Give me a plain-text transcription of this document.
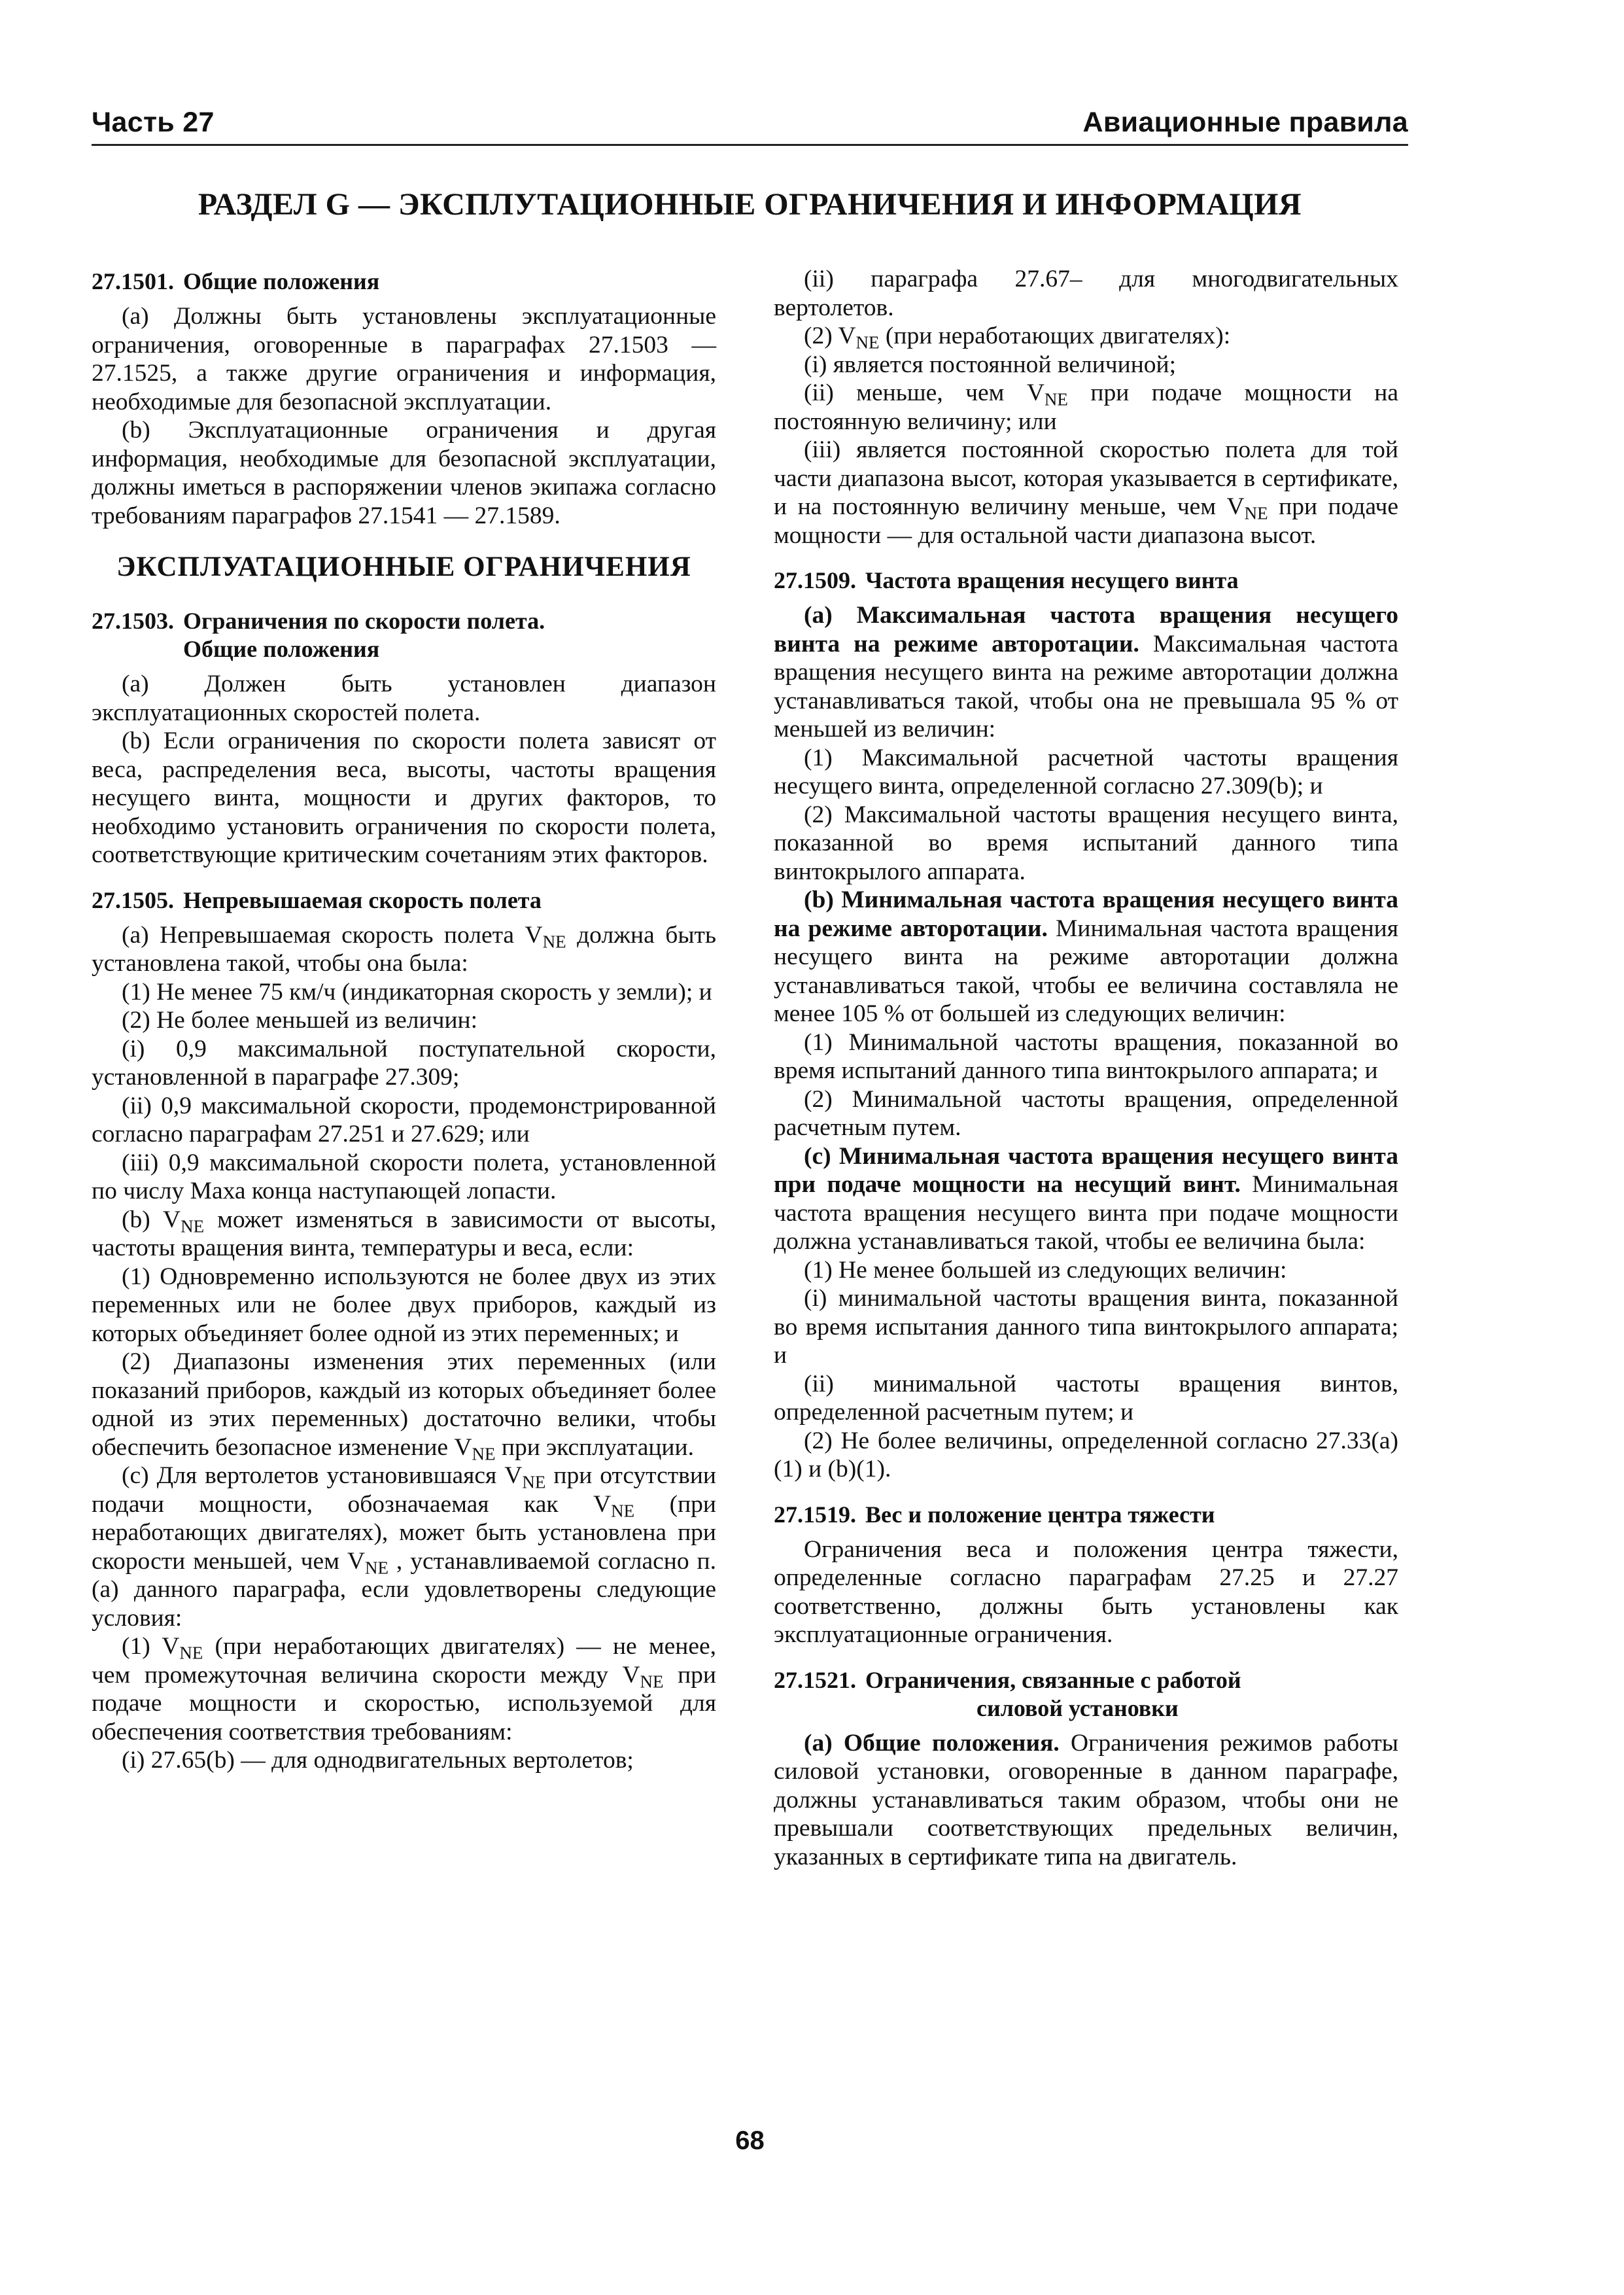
Часть 27	Авиационные правила
РАЗДЕЛ G — ЭКСПЛУТАЦИОННЫЕ ОГРАНИЧЕНИЯ И ИНФОРМАЦИЯ
27.1501. Общие положения

(a) Должны быть установлены эксплуатационные ограничения, оговоренные в параграфах 27.1503 — 27.1525, а также другие ограничения и информация, необходимые для безопасной эксплуатации.

(b) Эксплуатационные ограничения и другая информация, необходимые для безопасной эксплуатации, должны иметься в распоряжении членов экипажа согласно требованиям параграфов 27.1541 — 27.1589.

ЭКСПЛУАТАЦИОННЫЕ ОГРАНИЧЕНИЯ
27.1503. Ограничения по скорости полета.
Общие положения

(a) Должен быть установлен диапазон эксплуатационных скоростей полета.

(b) Если ограничения по скорости полета зависят от веса, распределения веса, высоты, частоты вращения несущего винта, мощности и других факторов, то необходимо установить ограничения по скорости полета, соответствующие критическим сочетаниям этих факторов.

27.1505. Непревышаемая скорость полета

(a) Непревышаемая скорость полета $V_{NE}$ должна быть установлена такой, чтобы она была:

(1) Не менее 75 км/ч (индикаторная скорость у земли); и

(2) Не более меньшей из величин:

(i) 0,9 максимальной поступательной скорости, установленной в параграфе 27.309;

(ii) 0,9 максимальной скорости, продемонстрированной согласно параграфам 27.251 и 27.629; или

(iii) 0,9 максимальной скорости полета, установленной по числу Маха конца наступающей лопасти.

(b) $V_{NE}$ может изменяться в зависимости от высоты, частоты вращения винта, температуры и веса, если:

(1) Одновременно используются не более двух из этих переменных или не более двух приборов, каждый из которых объединяет более одной из этих переменных; и

(2) Диапазоны изменения этих переменных (или показаний приборов, каждый из которых объединяет более одной из этих переменных) достаточно велики, чтобы обеспечить безопасное изменение $V_{NE}$ при эксплуатации.

(c) Для вертолетов установившаяся $V_{NE}$ при отсутствии подачи мощности, обозначаемая как $V_{NE}$ (при неработающих двигателях), может быть установлена при скорости меньшей, чем $V_{NE}$ , устанавливаемой согласно п. (a) данного параграфа, если удовлетворены следующие условия:

(1) $V_{NE}$ (при неработающих двигателях) — не менее, чем промежуточная величина скорости между $V_{NE}$ при подаче мощности и скоростью, используемой для обеспечения соответствия требованиям:

(i) 27.65(b) — для однодвигательных вертолетов;

(ii) параграфа 27.67– для многодвигательных вертолетов.

(2) $V_{NE}$ (при неработающих двигателях):

(i) является постоянной величиной;

(ii) меньше, чем $V_{NE}$ при подаче мощности на постоянную величину; или

(iii) является постоянной скоростью полета для той части диапазона высот, которая указывается в сертификате, и на постоянную величину меньше, чем $V_{NE}$ при подаче мощности — для остальной части диапазона высот.

27.1509. Частота вращения несущего винта

(a) Максимальная частота вращения несущего винта на режиме авторотации. Максимальная частота вращения несущего винта на режиме авторотации должна устанавливаться такой, чтобы она не превышала 95 % от меньшей из величин:

(1) Максимальной расчетной частоты вращения несущего винта, определенной согласно 27.309(b); и

(2) Максимальной частоты вращения несущего винта, показанной во время испытаний данного типа винтокрылого аппарата.

(b) Минимальная частота вращения несущего винта на режиме авторотации. Минимальная частота вращения несущего винта на режиме авторотации должна устанавливаться такой, чтобы ее величина составляла не менее 105 % от большей из следующих величин:

(1) Минимальной частоты вращения, показанной во время испытаний данного типа винтокрылого аппарата; и

(2) Минимальной частоты вращения, определенной расчетным путем.

(c) Минимальная частота вращения несущего винта при подаче мощности на несущий винт. Минимальная частота вращения несущего винта при подаче мощности должна устанавливаться такой, чтобы ее величина была:

(1) Не менее большей из следующих величин:

(i) минимальной частоты вращения винта, показанной во время испытания данного типа винтокрылого аппарата; и

(ii) минимальной частоты вращения винтов, определенной расчетным путем; и

(2) Не более величины, определенной согласно 27.33(a)(1) и (b)(1).

27.1519. Вес и положение центра тяжести

Ограничения веса и положения центра тяжести, определенные согласно параграфам 27.25 и 27.27 соответственно, должны быть установлены как эксплуатационные ограничения.

27.1521. Ограничения, связанные с работой
силовой установки

(a) Общие положения. Ограничения режимов работы силовой установки, оговоренные в данном параграфе, должны устанавливаться таким образом, чтобы они не превышали соответствующих предельных величин, указанных в сертификате типа на двигатель.

68
